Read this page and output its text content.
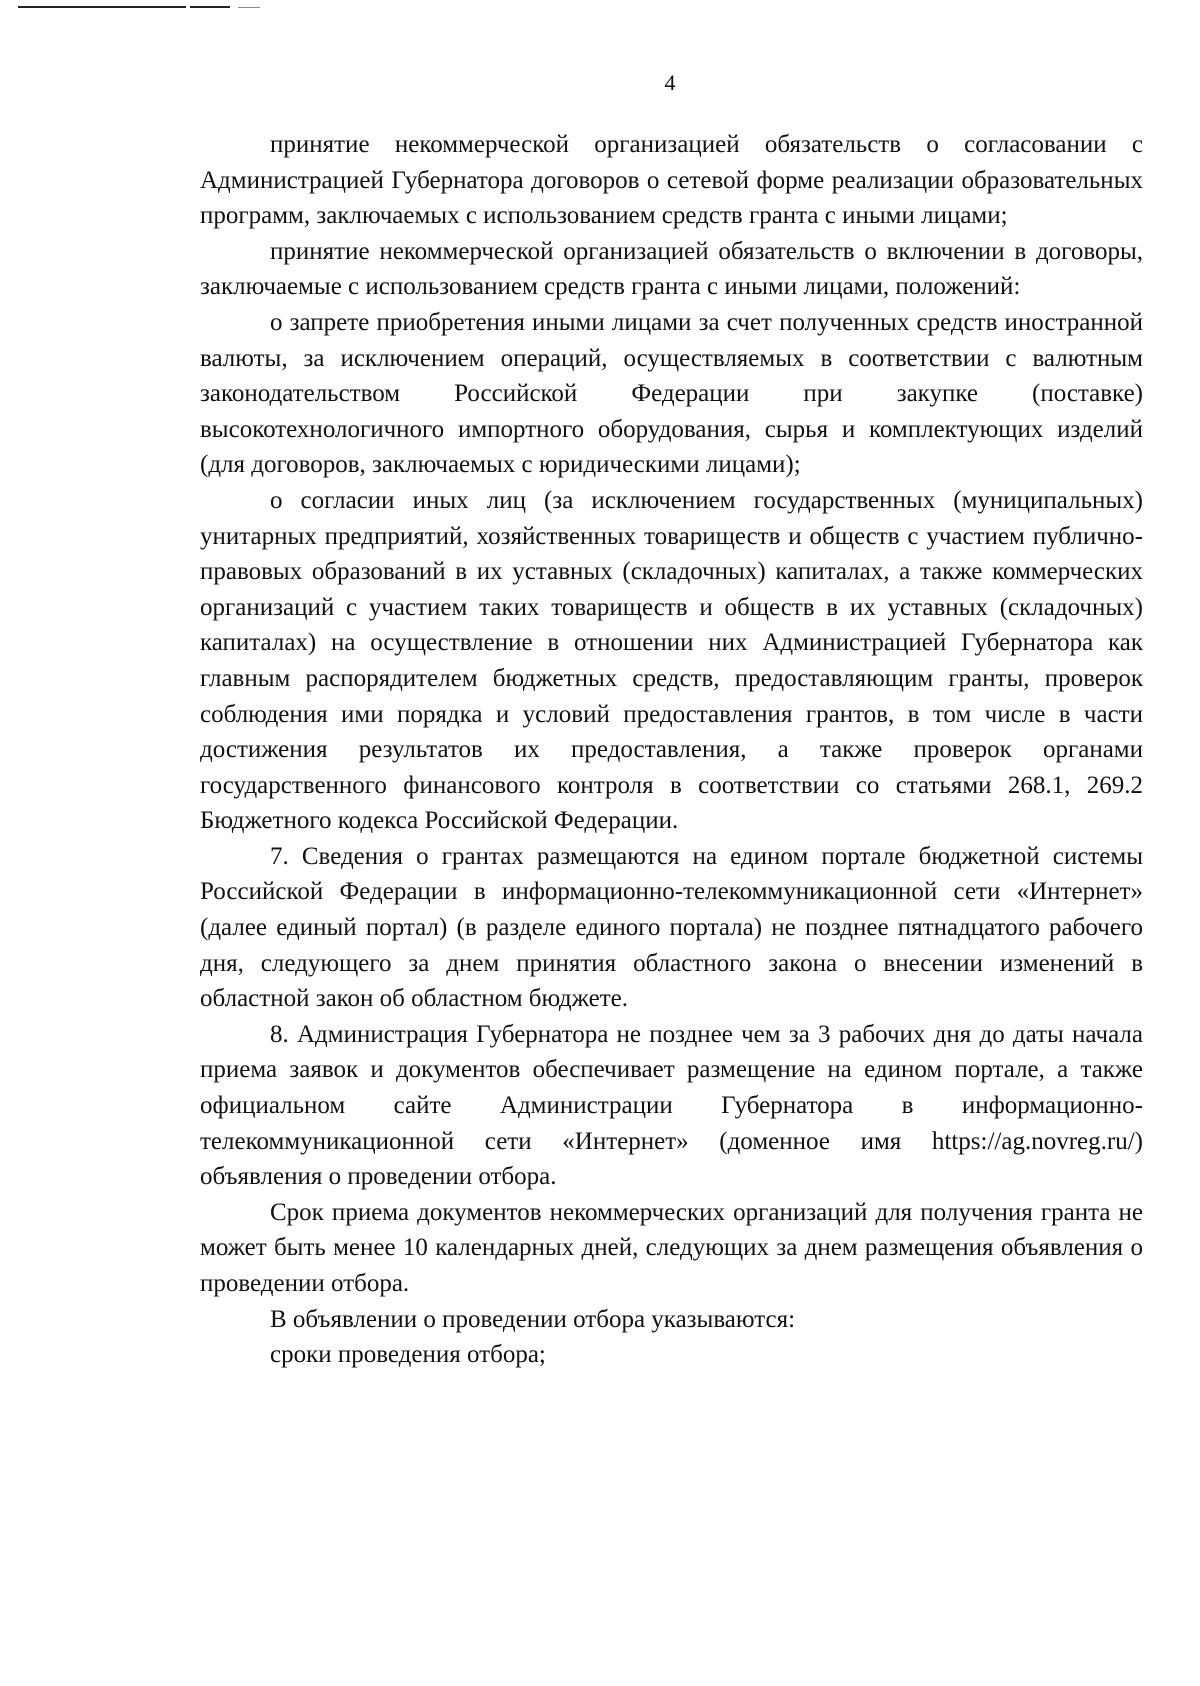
4

принятие некоммерческой организацией обязательств о согласовании с Администрацией Губернатора договоров о сетевой форме реализации образовательных программ, заключаемых с использованием средств гранта с иными лицами;

принятие некоммерческой организацией обязательств о включении в договоры, заключаемые с использованием средств гранта с иными лицами, положений:

о запрете приобретения иными лицами за счет полученных средств иностранной валюты, за исключением операций, осуществляемых в соответствии с валютным законодательством Российской Федерации при закупке (поставке) высокотехнологичного импортного оборудования, сырья и комплектующих изделий (для договоров, заключаемых с юридическими лицами);

о согласии иных лиц (за исключением государственных (муниципальных) унитарных предприятий, хозяйственных товариществ и обществ с участием публично-правовых образований в их уставных (складочных) капиталах, а также коммерческих организаций с участием таких товариществ и обществ в их уставных (складочных) капиталах) на осуществление в отношении них Администрацией Губернатора как главным распорядителем бюджетных средств, предоставляющим гранты, проверок соблюдения ими порядка и условий предоставления грантов, в том числе в части достижения результатов их предоставления, а также проверок органами государственного финансового контроля в соответствии со статьями 268.1, 269.2 Бюджетного кодекса Российской Федерации.

7. Сведения о грантах размещаются на едином портале бюджетной системы Российской Федерации в информационно-телекоммуникационной сети «Интернет» (далее единый портал) (в разделе единого портала) не позднее пятнадцатого рабочего дня, следующего за днем принятия областного закона о внесении изменений в областной закон об областном бюджете.

8. Администрация Губернатора не позднее чем за 3 рабочих дня до даты начала приема заявок и документов обеспечивает размещение на едином портале, а также официальном сайте Администрации Губернатора в информационно-телекоммуникационной сети «Интернет» (доменное имя https://ag.novreg.ru/) объявления о проведении отбора.

Срок приема документов некоммерческих организаций для получения гранта не может быть менее 10 календарных дней, следующих за днем размещения объявления о проведении отбора.

В объявлении о проведении отбора указываются:

сроки проведения отбора;
